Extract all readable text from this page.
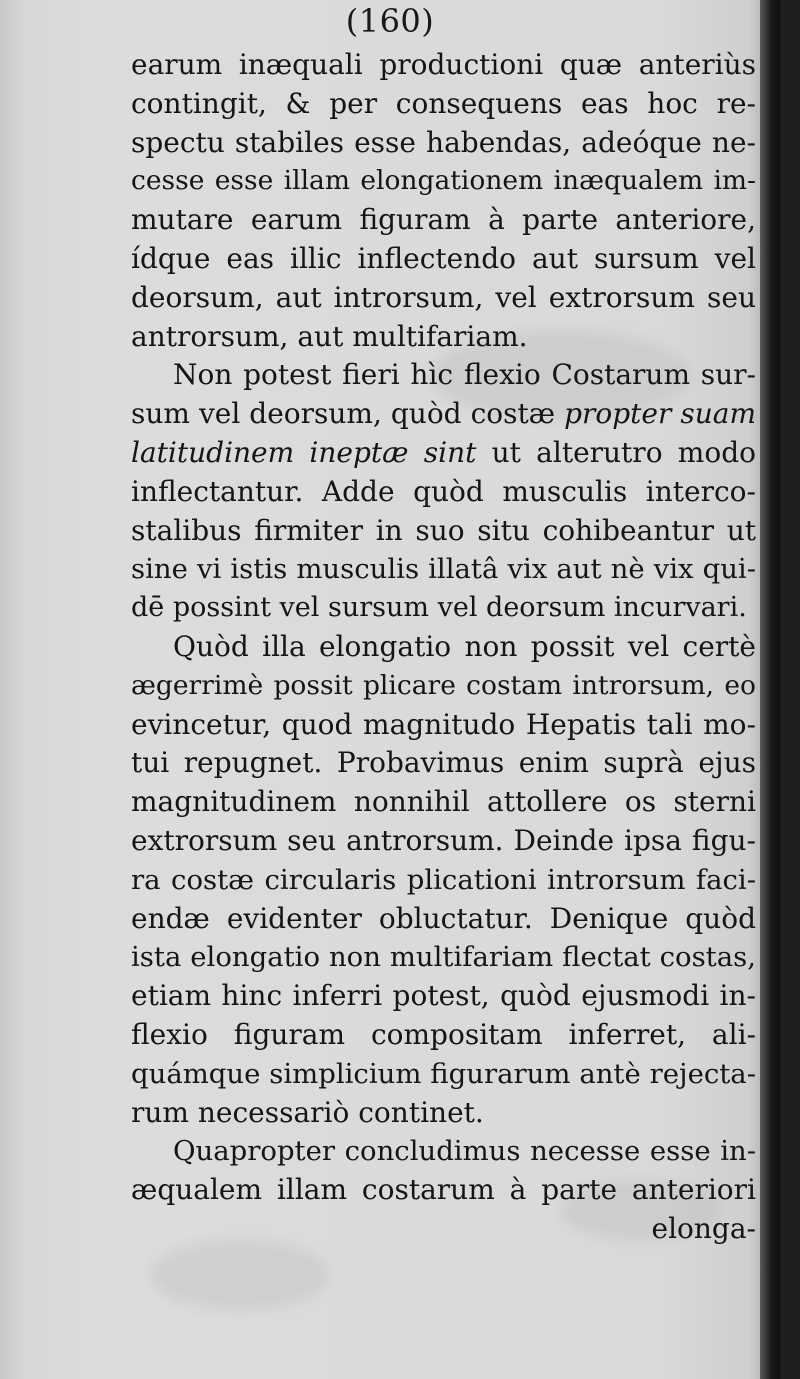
(160)
earum inæquali productioni quæ anteriùs
contingit, & per consequens eas hoc re-
spectu stabiles esse habendas, adeóque ne-
cesse esse illam elongationem inæqualem im-
mutare earum figuram à parte anteriore,
ídque eas illic inflectendo aut sursum vel
deorsum, aut introrsum, vel extrorsum seu
antrorsum, aut multifariam.
Non potest fieri hìc flexio Costarum sur-
sum vel deorsum, quòd costæ propter suam
latitudinem ineptæ sint ut alterutro modo
inflectantur. Adde quòd musculis interco-
stalibus firmiter in suo situ cohibeantur ut
sine vi istis musculis illatâ vix aut nè vix qui-
dē possint vel sursum vel deorsum incurvari.
Quòd illa elongatio non possit vel certè
ægerrimè possit plicare costam introrsum, eo
evincetur, quod magnitudo Hepatis tali mo-
tui repugnet. Probavimus enim suprà ejus
magnitudinem nonnihil attollere os sterni
extrorsum seu antrorsum. Deinde ipsa figu-
ra costæ circularis plicationi introrsum faci-
endæ evidenter obluctatur. Denique quòd
ista elongatio non multifariam flectat costas,
etiam hinc inferri potest, quòd ejusmodi in-
flexio figuram compositam inferret, ali-
quámque simplicium figurarum antè rejecta-
rum necessariò continet.
Quapropter concludimus necesse esse in-
æqualem illam costarum à parte anteriori
elonga-
